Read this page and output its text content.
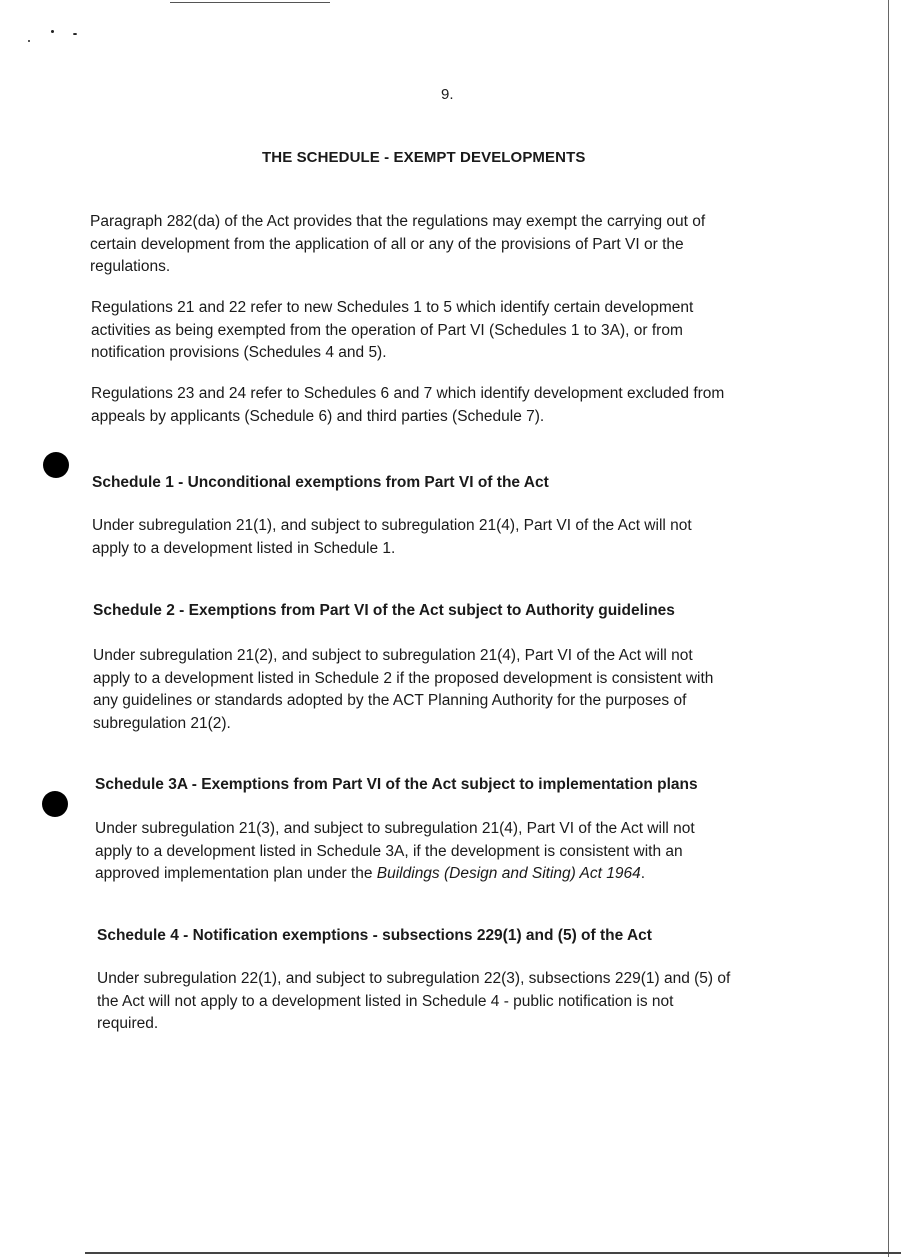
9.
THE SCHEDULE - EXEMPT DEVELOPMENTS

Paragraph 282(da) of the Act provides that the regulations may exempt the carrying out of
certain development from the application of all or any of the provisions of Part VI or the
regulations.

Regulations 21 and 22 refer to new Schedules 1 to 5 which identify certain development
activities as being exempted from the operation of Part VI (Schedules 1 to 3A), or from
notification provisions (Schedules 4 and 5).

Regulations 23 and 24 refer to Schedules 6 and 7 which identify development excluded from
appeals by applicants (Schedule 6) and third parties (Schedule 7).

Schedule 1 - Unconditional exemptions from Part VI of the Act

Under subregulation 21(1), and subject to subregulation 21(4), Part VI of the Act will not
apply to a development listed in Schedule 1.

Schedule 2 - Exemptions from Part VI of the Act subject to Authority guidelines

Under subregulation 21(2), and subject to subregulation 21(4), Part VI of the Act will not
apply to a development listed in Schedule 2 if the proposed development is consistent with
any guidelines or standards adopted by the ACT Planning Authority for the purposes of
subregulation 21(2).

Schedule 3A - Exemptions from Part VI of the Act subject to implementation plans

Under subregulation 21(3), and subject to subregulation 21(4), Part VI of the Act will not
apply to a development listed in Schedule 3A, if the development is consistent with an
approved implementation plan under the Buildings (Design and Siting) Act 1964.

Schedule 4 - Notification exemptions - subsections 229(1) and (5) of the Act

Under subregulation 22(1), and subject to subregulation 22(3), subsections 229(1) and (5) of
the Act will not apply to a development listed in Schedule 4 - public notification is not
required.
